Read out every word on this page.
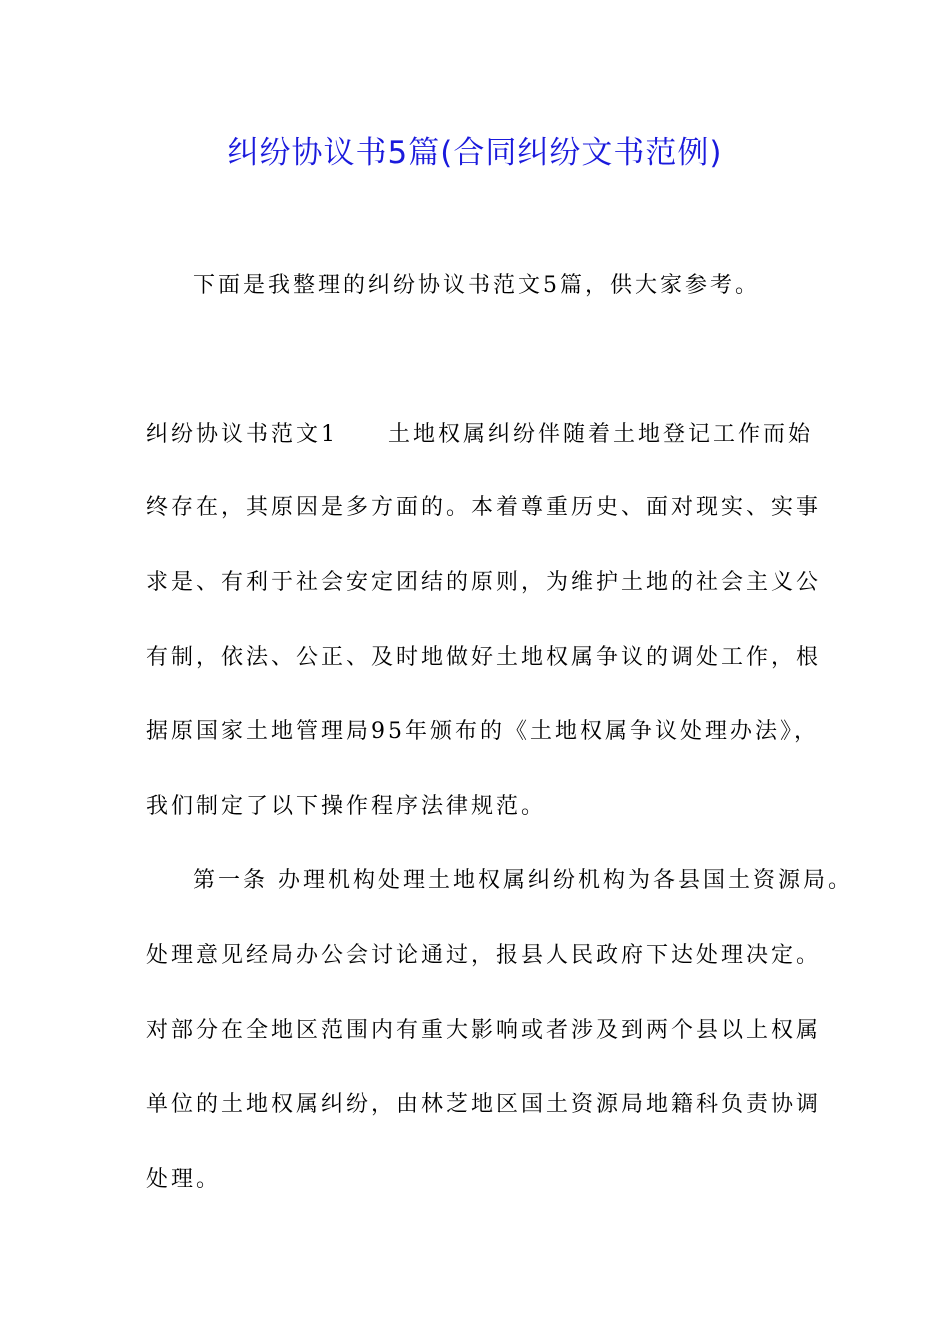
纠纷协议书5篇(合同纠纷文书范例)
下面是我整理的纠纷协议书范文5篇，供大家参考。
纠纷协议书范文1　　土地权属纠纷伴随着土地登记工作而始
终存在，其原因是多方面的。本着尊重历史、面对现实、实事
求是、有利于社会安定团结的原则，为维护土地的社会主义公
有制，依法、公正、及时地做好土地权属争议的调处工作，根
据原国家土地管理局95年颁布的《土地权属争议处理办法》，
我们制定了以下操作程序法律规范。
第一条 办理机构处理土地权属纠纷机构为各县国土资源局。
处理意见经局办公会讨论通过，报县人民政府下达处理决定。
对部分在全地区范围内有重大影响或者涉及到两个县以上权属
单位的土地权属纠纷，由林芝地区国土资源局地籍科负责协调
处理。
